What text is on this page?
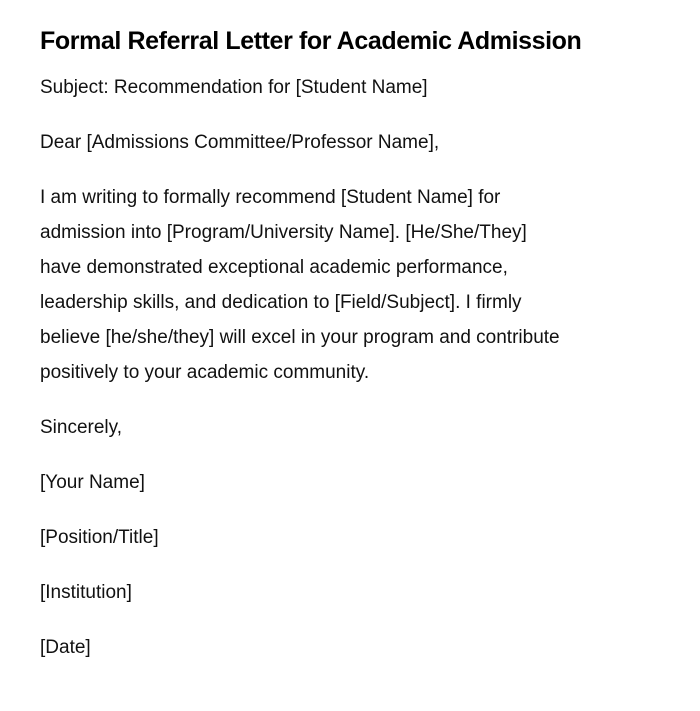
Formal Referral Letter for Academic Admission

Subject: Recommendation for [Student Name]

Dear [Admissions Committee/Professor Name],

I am writing to formally recommend [Student Name] for
admission into [Program/University Name]. [He/She/They]
have demonstrated exceptional academic performance,
leadership skills, and dedication to [Field/Subject]. I firmly
believe [he/she/they] will excel in your program and contribute
positively to your academic community.

Sincerely,

[Your Name]

[Position/Title]

[Institution]

[Date]
